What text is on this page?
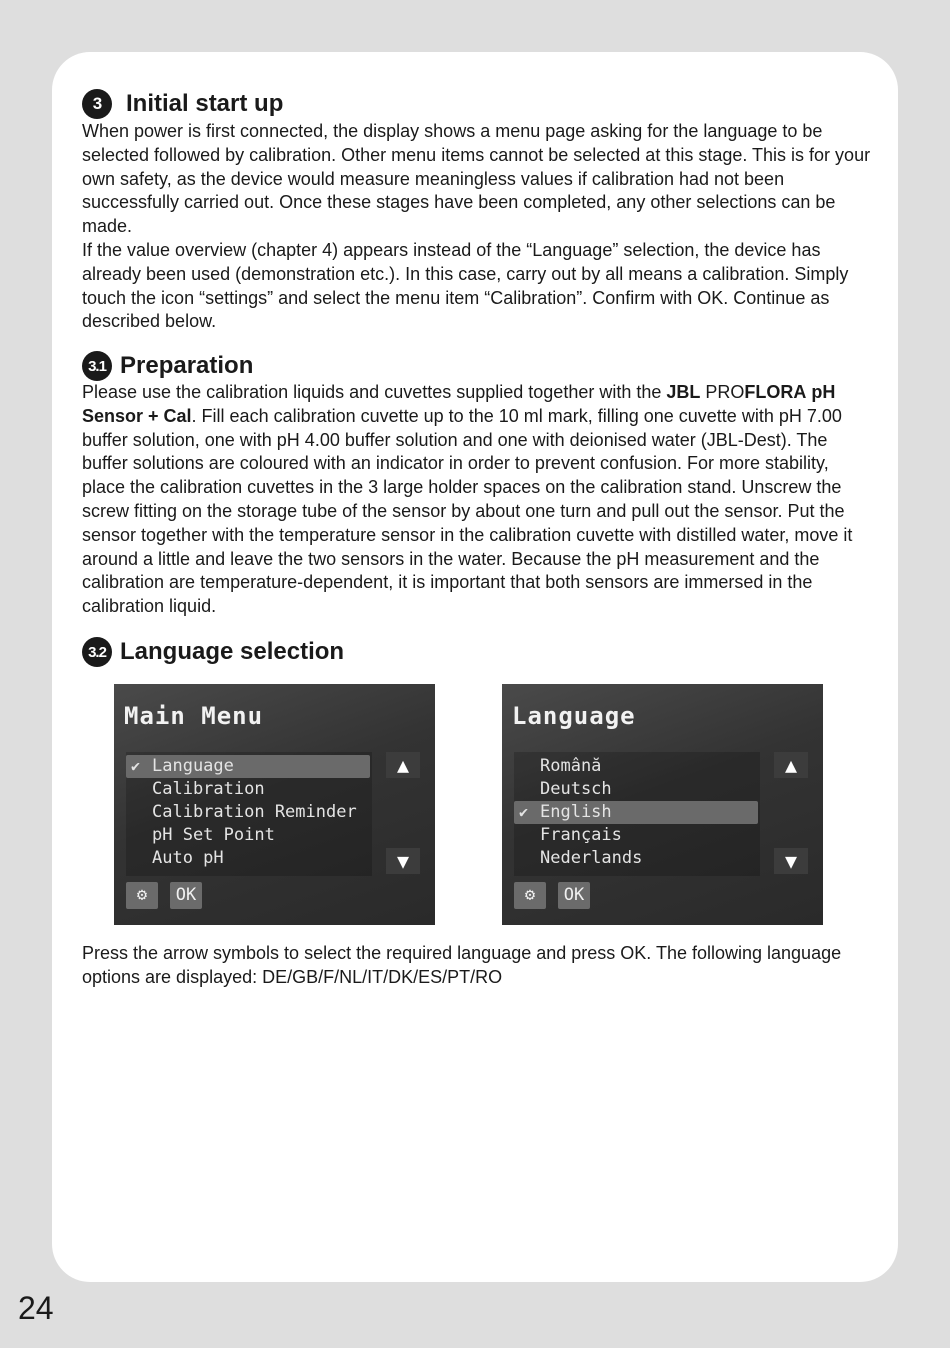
3	Initial start up

When power is first connected, the display shows a menu page asking for the language to be selected followed by calibration. Other menu items cannot be selected at this stage. This is for your own safety, as the device would measure meaningless values if calibration had not been successfully carried out. Once these stages have been completed, any other selections can be made.

If the value overview (chapter 4) appears instead of the “Language” selection, the device has already been used (demonstration etc.). In this case, carry out by all means a calibration. Simply touch the icon “settings” and select the menu item “Calibration”. Confirm with OK. Continue as described below.

3.1 Preparation

Please use the calibration liquids and cuvettes supplied together with the JBL PROFLORA pH Sensor + Cal. Fill each calibration cuvette up to the 10 ml mark, filling one cuvette with pH 7.00 buffer solution, one with pH 4.00 buffer solution and one with deionised water (JBL-Dest). The buffer solutions are coloured with an indicator in order to prevent confusion. For more stability, place the calibration cuvettes in the 3 large holder spaces on the calibration stand. Unscrew the screw fitting on the storage tube of the sensor by about one turn and pull out the sensor. Put the sensor together with the temperature sensor in the calibration cuvette with distilled water, move it around a little and leave the two sensors in the water. Because the pH measurement and the calibration are temperature-dependent, it is important that both sensors are immersed in the calibration liquid.

3.2 Language selection
Main Menu
✔ Language
Calibration
Calibration Reminder
pH Set Point
Auto pH
▲
▼
⚙	OK
Language
Română
Deutsch
✔ English
Français
Nederlands
▲
▼
⚙	OK
Press the arrow symbols to select the required language and press OK. The following language options are displayed: DE/GB/F/NL/IT/DK/ES/PT/RO
24
